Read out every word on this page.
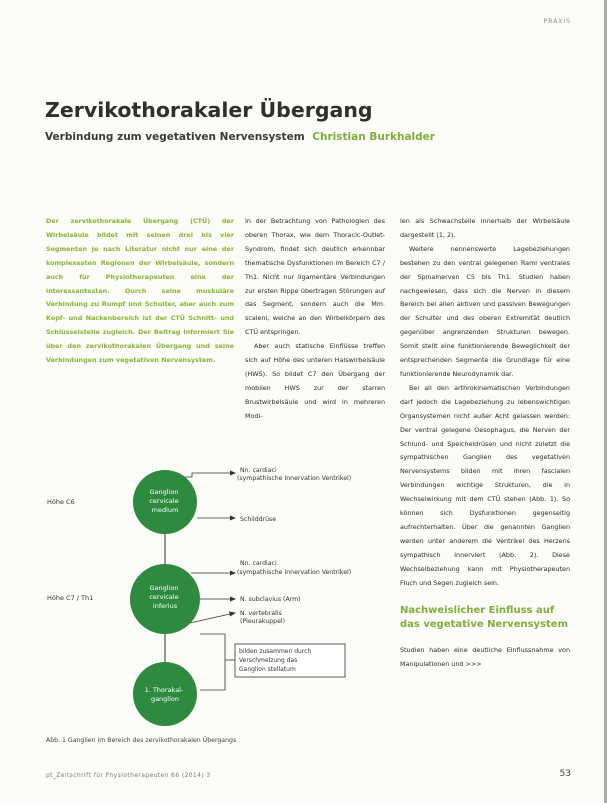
PRAXIS
Zervikothorakaler Übergang
Verbindung zum vegetativen Nervensystem Christian Burkhalder

Der zervikothorakale Übergang (CTÜ) der Wirbelsäule bildet mit seinen drei bis vier Segmenten je nach Literatur nicht nur eine der komplexesten Regionen der Wirbelsäule, sondern auch für Physiotherapeuten eine der interessantesten. Durch seine muskuläre Verbindung zu Rumpf und Schulter, aber auch zum Kopf- und Nackenbereich ist der CTÜ Schnitt- und Schlüsselstelle zugleich. Der Beitrag informiert Sie über den zervikothorakalen Übergang und seine Verbindungen zum vegetativen Nervensystem.

In der Betrachtung von Pathologien des oberen Thorax, wie dem Thoracic-Outlet-Syndrom, findet sich deutlich erkennbar thematische Dysfunktionen im Bereich C7 / Th1. Nicht nur ligamentäre Verbindungen zur ersten Rippe übertragen Störungen auf das Segment, sondern auch die Mm. scaleni, welche an den Wirbelkörpern des CTÜ entspringen.

Aber auch statische Einflüsse treffen sich auf Höhe des unteren Halswirbelsäule (HWS). So bildet C7 den Übergang der mobilen HWS zur der starren Brustwirbelsäule und wird in mehreren Modi-

len als Schwachstelle innerhalb der Wirbelsäule dargestellt (1, 2).

Weitere nennenswerte Lagebeziehungen bestehen zu den ventral gelegenen Rami ventrales der Spinalnerven C5 bis Th1. Studien haben nachgewiesen, dass sich die Nerven in diesem Bereich bei allen aktiven und passiven Bewegungen der Schulter und des oberen Extremität deutlich gegenüber angrenzenden Strukturen bewegen. Somit stellt eine funktionierende Beweglichkeit der entsprechenden Segmente die Grundlage für eine funktionierende Neurodynamik dar.

Bei all den arthrokinematischen Verbindungen darf jedoch die Lagebeziehung zu lebenswichtigen Organsystemen nicht außer Acht gelassen werden: Der ventral gelegene Oesophagus, die Nerven der Schlund- und Speicheldrüsen und nicht zuletzt die sympathischen Ganglien des vegetativen Nervensystems bilden mit ihren fascialen Verbindungen wichtige Strukturen, die in Wechselwirkung mit dem CTÜ stehen (Abb. 1). So können sich Dysfunktionen gegenseitig aufrechterhalten. Über die genannten Ganglien werden unter anderem die Ventrikel des Herzens sympathisch innerviert (Abb. 2). Diese Wechselbeziehung kann mit Physiotherapeuten Fluch und Segen zugleich sein.

Nachweislicher Einfluss auf das vegetative Nervensystem

Studien haben eine deutliche Einflussnahme von Manipulationen und >>>

Ganglion cervicale medium
Nn. cardiaci (sympathische Innervation Ventrikel) Schilddrüse
Höhe C6
Ganglion cervicale inferius
Nn. cardiaci (sympathische Innervation Ventrikel) N. subclavius (Arm) N. vertebralis (Pleurakuppel)
Höhe C7 / Th1
bilden zusammen durch Verschmelzung das Ganglion stellatum
1. Thorakal- ganglion
Abb. 1 Ganglien im Bereich des zervikothorakalen Übergangs
pt_Zeitschrift für Physiotherapeuten 66 (2014) 3	53
